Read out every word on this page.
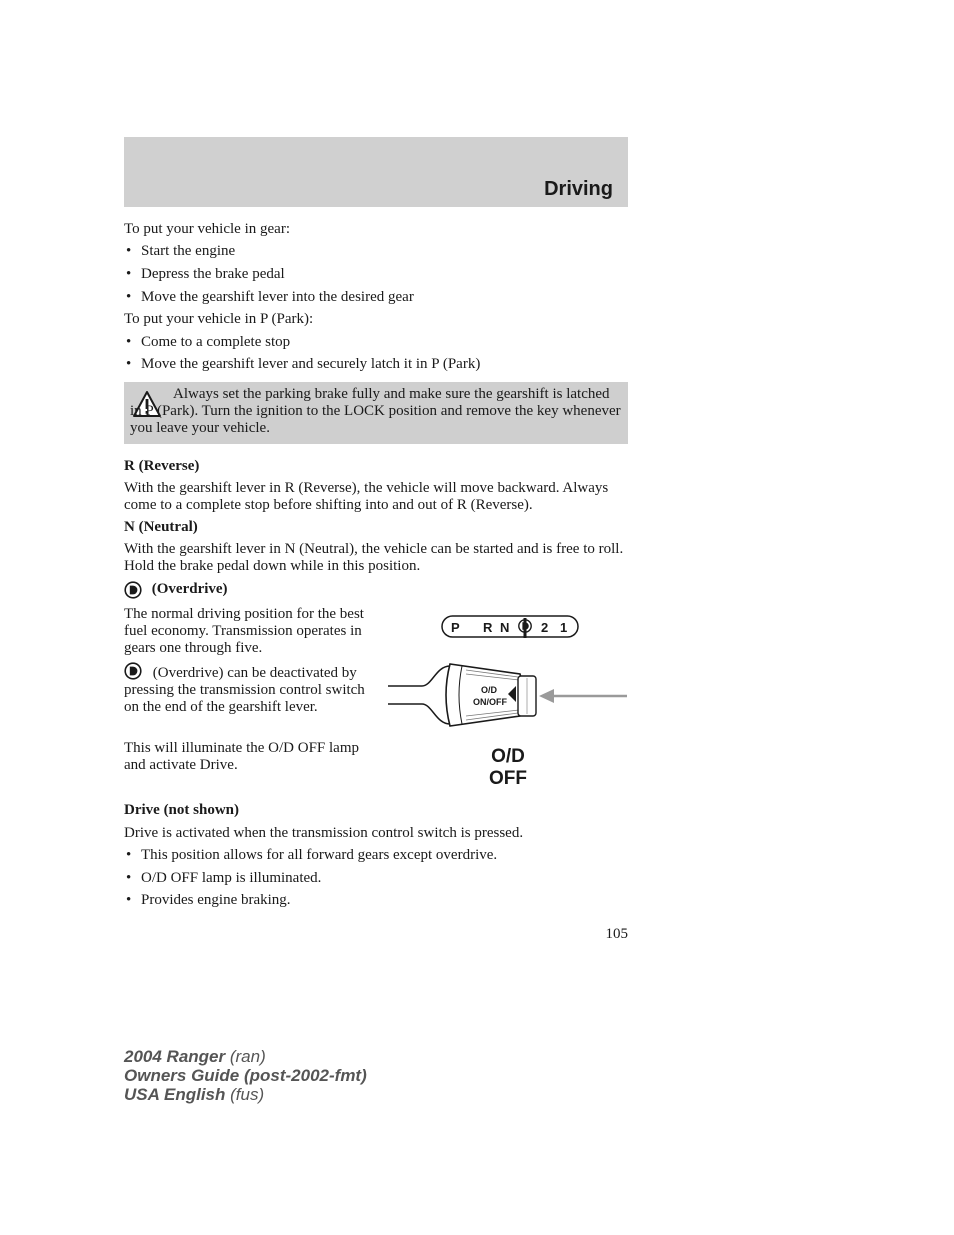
Driving
To put your vehicle in gear:
• Start the engine
• Depress the brake pedal
• Move the gearshift lever into the desired gear
To put your vehicle in P (Park):
• Come to a complete stop
• Move the gearshift lever and securely latch it in P (Park)
Always set the parking brake fully and make sure the gearshift is latched in P (Park). Turn the ignition to the LOCK position and remove the key whenever you leave your vehicle.
R (Reverse)
With the gearshift lever in R (Reverse), the vehicle will move backward. Always come to a complete stop before shifting into and out of R (Reverse).
N (Neutral)
With the gearshift lever in N (Neutral), the vehicle can be started and is free to roll. Hold the brake pedal down while in this position.
(Overdrive)
The normal driving position for the best fuel economy. Transmission operates in gears one through five.
(Overdrive) can be deactivated by pressing the transmission control switch on the end of the gearshift lever.
This will illuminate the O/D OFF lamp and activate Drive.
P R N 2 1
O/D
ON/OFF
O/D
OFF
Drive (not shown)
Drive is activated when the transmission control switch is pressed.
• This position allows for all forward gears except overdrive.
• O/D OFF lamp is illuminated.
• Provides engine braking.
105
2004 Ranger (ran)
Owners Guide (post-2002-fmt)
USA English (fus)
